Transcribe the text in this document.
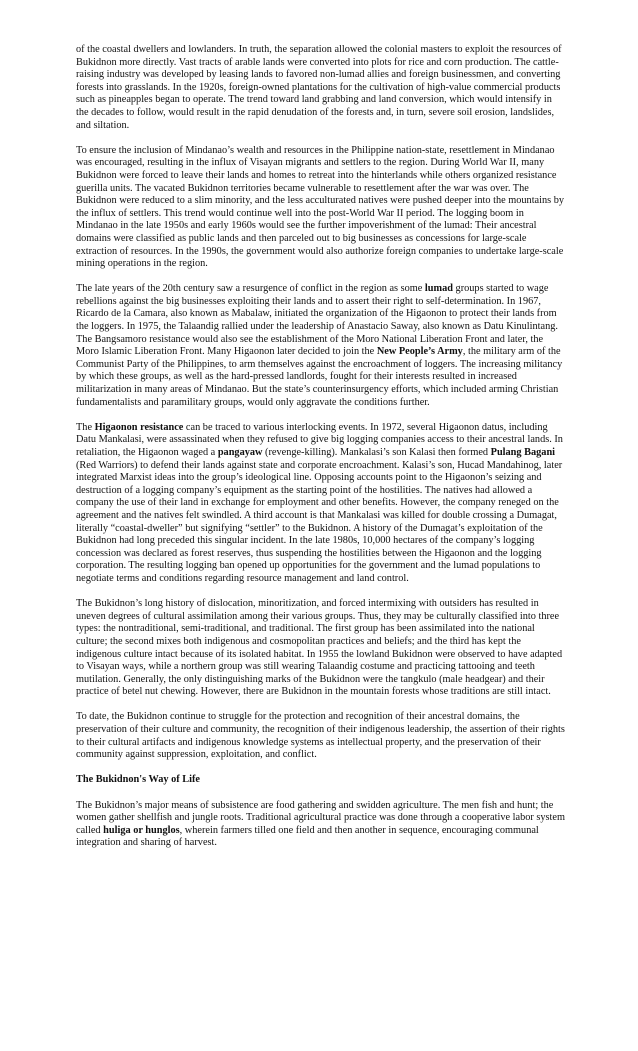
of the coastal dwellers and lowlanders. In truth, the separation allowed the colonial masters to exploit the resources of Bukidnon more directly. Vast tracts of arable lands were converted into plots for rice and corn production. The cattle-raising industry was developed by leasing lands to favored non-lumad allies and foreign businessmen, and converting forests into grasslands. In the 1920s, foreign-owned plantations for the cultivation of high-value commercial products such as pineapples began to operate. The trend toward land grabbing and land conversion, which would intensify in the decades to follow, would result in the rapid denudation of the forests and, in turn, severe soil erosion, landslides, and siltation.

To ensure the inclusion of Mindanao’s wealth and resources in the Philippine nation-state, resettlement in Mindanao was encouraged, resulting in the influx of Visayan migrants and settlers to the region. During World War II, many Bukidnon were forced to leave their lands and homes to retreat into the hinterlands while others organized resistance guerilla units. The vacated Bukidnon territories became vulnerable to resettlement after the war was over. The Bukidnon were reduced to a slim minority, and the less acculturated natives were pushed deeper into the mountains by the influx of settlers. This trend would continue well into the post-World War II period. The logging boom in Mindanao in the late 1950s and early 1960s would see the further impoverishment of the lumad: Their ancestral domains were classified as public lands and then parceled out to big businesses as concessions for large-scale extraction of resources. In the 1990s, the government would also authorize foreign companies to undertake large-scale mining operations in the region.

The late years of the 20th century saw a resurgence of conflict in the region as some lumad groups started to wage rebellions against the big businesses exploiting their lands and to assert their right to self-determination. In 1967, Ricardo de la Camara, also known as Mabalaw, initiated the organization of the Higaonon to protect their lands from the loggers. In 1975, the Talaandig rallied under the leadership of Anastacio Saway, also known as Datu Kinulintang. The Bangsamoro resistance would also see the establishment of the Moro National Liberation Front and later, the Moro Islamic Liberation Front. Many Higaonon later decided to join the New People’s Army, the military arm of the Communist Party of the Philippines, to arm themselves against the encroachment of loggers. The increasing militancy by which these groups, as well as the hard-pressed landlords, fought for their interests resulted in increased militarization in many areas of Mindanao. But the state’s counterinsurgency efforts, which included arming Christian fundamentalists and paramilitary groups, would only aggravate the conditions further.

The Higaonon resistance can be traced to various interlocking events. In 1972, several Higaonon datus, including Datu Mankalasi, were assassinated when they refused to give big logging companies access to their ancestral lands. In retaliation, the Higaonon waged a pangayaw (revenge-killing). Mankalasi’s son Kalasi then formed Pulang Bagani (Red Warriors) to defend their lands against state and corporate encroachment. Kalasi’s son, Hucad Mandahinog, later integrated Marxist ideas into the group’s ideological line. Opposing accounts point to the Higaonon’s seizing and destruction of a logging company’s equipment as the starting point of the hostilities. The natives had allowed a company the use of their land in exchange for employment and other benefits. However, the company reneged on the agreement and the natives felt swindled. A third account is that Mankalasi was killed for double crossing a Dumagat, literally “coastal-dweller” but signifying “settler” to the Bukidnon. A history of the Dumagat’s exploitation of the Bukidnon had long preceded this singular incident. In the late 1980s, 10,000 hectares of the company’s logging concession was declared as forest reserves, thus suspending the hostilities between the Higaonon and the logging corporation. The resulting logging ban opened up opportunities for the government and the lumad populations to negotiate terms and conditions regarding resource management and land control.

The Bukidnon’s long history of dislocation, minoritization, and forced intermixing with outsiders has resulted in uneven degrees of cultural assimilation among their various groups. Thus, they may be culturally classified into three types: the nontraditional, semi-traditional, and traditional. The first group has been assimilated into the national culture; the second mixes both indigenous and cosmopolitan practices and beliefs; and the third has kept the indigenous culture intact because of its isolated habitat. In 1955 the lowland Bukidnon were observed to have adapted to Visayan ways, while a northern group was still wearing Talaandig costume and practicing tattooing and teeth mutilation. Generally, the only distinguishing marks of the Bukidnon were the tangkulo (male headgear) and their practice of betel nut chewing. However, there are Bukidnon in the mountain forests whose traditions are still intact.

To date, the Bukidnon continue to struggle for the protection and recognition of their ancestral domains, the preservation of their culture and community, the recognition of their indigenous leadership, the assertion of their rights to their cultural artifacts and indigenous knowledge systems as intellectual property, and the preservation of their community against suppression, exploitation, and conflict.

The Bukidnon's Way of Life

The Bukidnon’s major means of subsistence are food gathering and swidden agriculture. The men fish and hunt; the women gather shellfish and jungle roots. Traditional agricultural practice was done through a cooperative labor system called huliga or hunglos, wherein farmers tilled one field and then another in sequence, encouraging communal integration and sharing of harvest.
